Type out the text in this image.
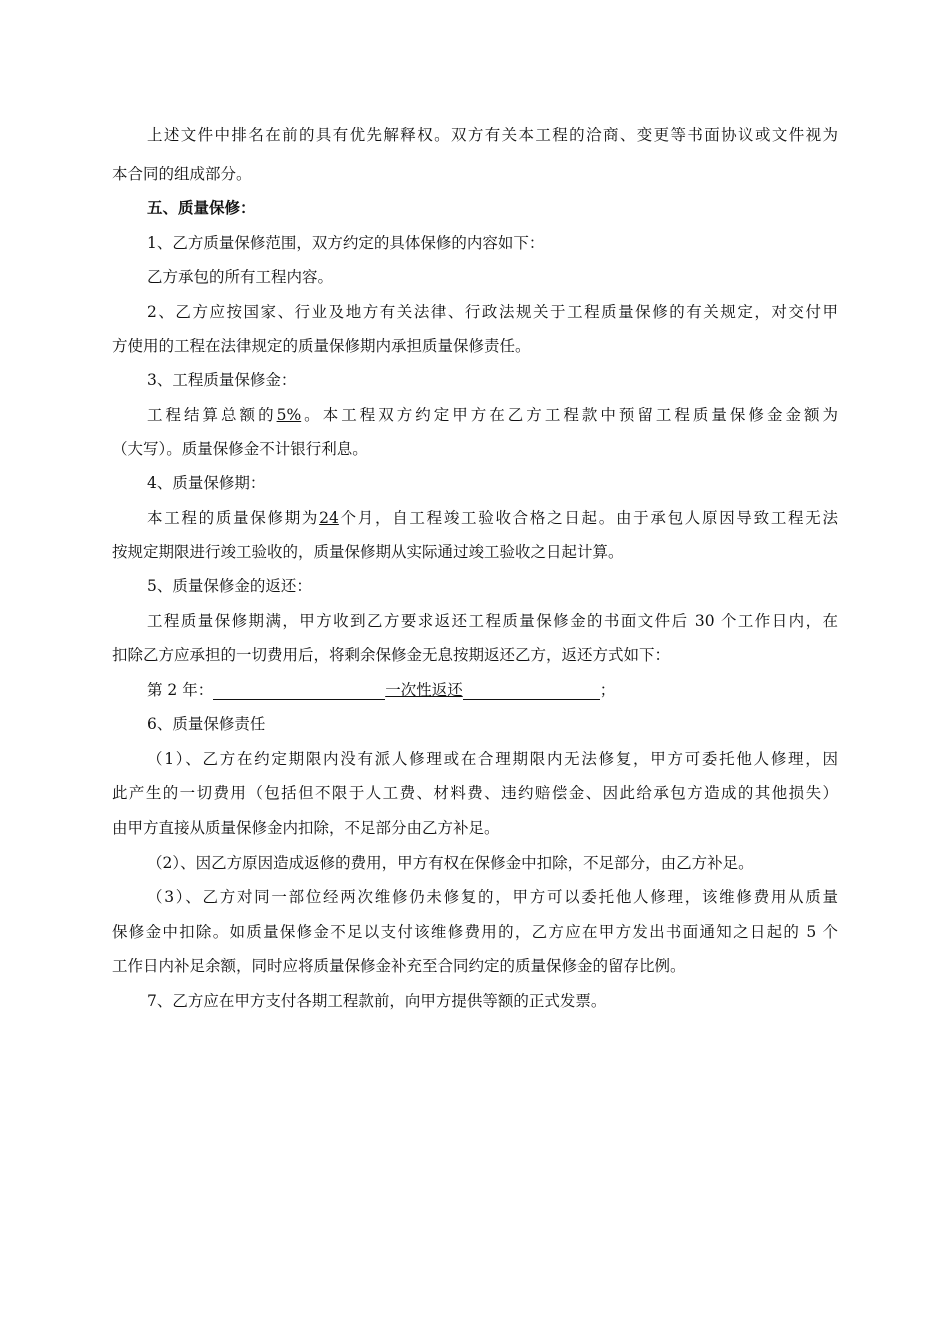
上述文件中排名在前的具有优先解释权。双方有关本工程的洽商、变更等书面协议或文件视为
本合同的组成部分。
五、质量保修：
1、乙方质量保修范围，双方约定的具体保修的内容如下：
乙方承包的所有工程内容。
2、乙方应按国家、行业及地方有关法律、行政法规关于工程质量保修的有关规定，对交付甲
方使用的工程在法律规定的质量保修期内承担质量保修责任。
3、工程质量保修金：
工程结算总额的5%。本工程双方约定甲方在乙方工程款中预留工程质量保修金金额为
（大写）。质量保修金不计银行利息。
4、质量保修期：
本工程的质量保修期为24个月，自工程竣工验收合格之日起。由于承包人原因导致工程无法
按规定期限进行竣工验收的，质量保修期从实际通过竣工验收之日起计算。
5、质量保修金的返还：
工程质量保修期满，甲方收到乙方要求返还工程质量保修金的书面文件后 30 个工作日内，在
扣除乙方应承担的一切费用后，将剩余保修金无息按期返还乙方，返还方式如下：
第 2 年：	一次性返还	；
6、质量保修责任
（1）、乙方在约定期限内没有派人修理或在合理期限内无法修复，甲方可委托他人修理，因
此产生的一切费用（包括但不限于人工费、材料费、违约赔偿金、因此给承包方造成的其他损失）
由甲方直接从质量保修金内扣除，不足部分由乙方补足。
（2）、因乙方原因造成返修的费用，甲方有权在保修金中扣除，不足部分，由乙方补足。
（3）、乙方对同一部位经两次维修仍未修复的，甲方可以委托他人修理，该维修费用从质量
保修金中扣除。如质量保修金不足以支付该维修费用的，乙方应在甲方发出书面通知之日起的 5 个
工作日内补足余额，同时应将质量保修金补充至合同约定的质量保修金的留存比例。
7、乙方应在甲方支付各期工程款前，向甲方提供等额的正式发票。
